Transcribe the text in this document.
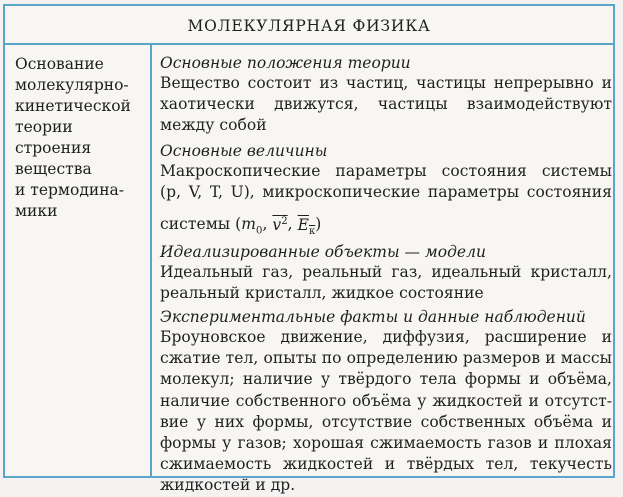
МОЛЕКУЛЯРНАЯ ФИЗИКА
Основание
молекулярно-
кинетической
теории
строения
вещества
и термодина-
мики
Основные положения теории
Вещество состоит из частиц, частицы непрерывно и
хаотически движутся, частицы взаимодействуют
между собой
Основные величины
Макроскопические параметры состояния системы
(p, V, T, U), микроскопические параметры состояния
системы ($m_0$, $v^2$, $E_к$)
Идеализированные объекты — модели
Идеальный газ, реальный газ, идеальный кристалл,
реальный кристалл, жидкое состояние
Экспериментальные факты и данные наблюдений
Броуновское движение, диффузия, расширение и
сжатие тел, опыты по определению размеров и массы
молекул; наличие у твёрдого тела формы и объёма,
наличие собственного объёма у жидкостей и отсутст-
вие у них формы, отсутствие собственных объёма и
формы у газов; хорошая сжимаемость газов и плохая
сжимаемость жидкостей и твёрдых тел, текучесть
жидкостей и др.
